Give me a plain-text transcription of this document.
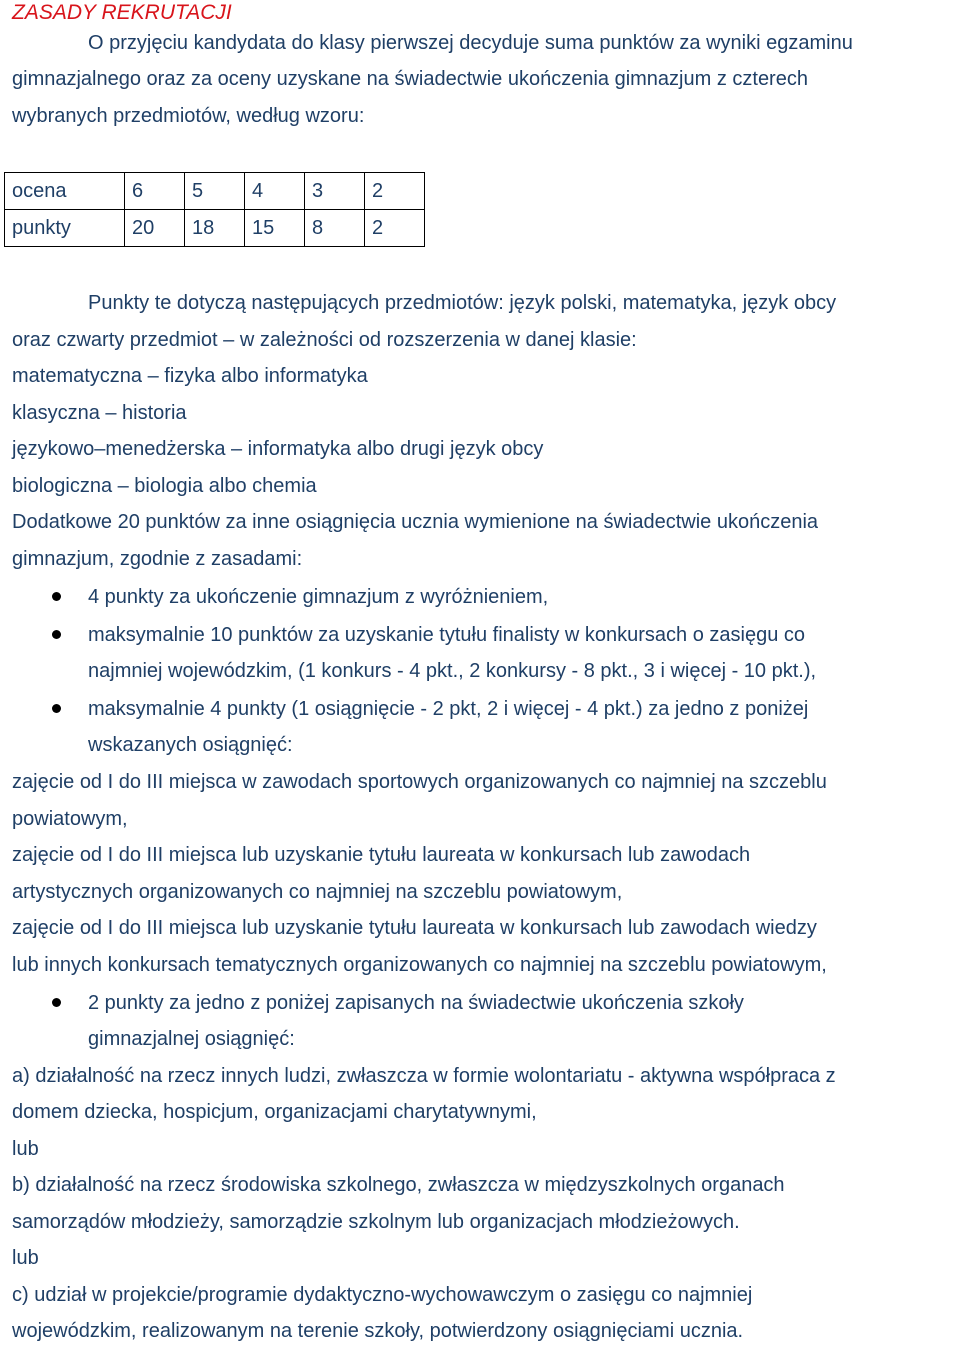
ZASADY REKRUTACJI

O przyjęciu kandydata do klasy pierwszej decyduje suma punktów za wyniki egzaminu

gimnazjalnego oraz za oceny uzyskane na świadectwie ukończenia gimnazjum z czterech

wybranych przedmiotów, według wzoru:

ocena	6	5	4	3	2
punkty	20	18	15	8	2

Punkty te dotyczą następujących przedmiotów: język polski, matematyka, język obcy

oraz czwarty przedmiot – w zależności od rozszerzenia w danej klasie:

matematyczna – fizyka albo informatyka

klasyczna – historia

językowo–menedżerska – informatyka albo drugi język obcy

biologiczna – biologia albo chemia

Dodatkowe 20 punktów za inne osiągnięcia ucznia wymienione na świadectwie ukończenia

gimnazjum, zgodnie z zasadami:

4 punkty za ukończenie gimnazjum z wyróżnieniem,

maksymalnie 10 punktów za uzyskanie tytułu finalisty w konkursach o zasięgu co

najmniej wojewódzkim, (1 konkurs - 4 pkt., 2 konkursy - 8 pkt., 3 i więcej - 10 pkt.),

maksymalnie 4 punkty (1 osiągnięcie - 2 pkt, 2 i więcej - 4 pkt.) za jedno z poniżej

wskazanych osiągnięć:

zajęcie od I do III miejsca w zawodach sportowych organizowanych co najmniej na szczeblu

powiatowym,

zajęcie od I do III miejsca lub uzyskanie tytułu laureata w konkursach lub zawodach

artystycznych organizowanych co najmniej na szczeblu powiatowym,

zajęcie od I do III miejsca lub uzyskanie tytułu laureata w konkursach lub zawodach wiedzy

lub innych konkursach tematycznych organizowanych co najmniej na szczeblu powiatowym,

2 punkty za jedno z poniżej zapisanych na świadectwie ukończenia szkoły

gimnazjalnej osiągnięć:

a) działalność na rzecz innych ludzi, zwłaszcza w formie wolontariatu - aktywna współpraca z

domem dziecka, hospicjum, organizacjami charytatywnymi,

lub

b) działalność na rzecz środowiska szkolnego, zwłaszcza w międzyszkolnych organach

samorządów młodzieży, samorządzie szkolnym lub organizacjach młodzieżowych.

lub

c) udział w projekcie/programie dydaktyczno-wychowawczym o zasięgu co najmniej

wojewódzkim, realizowanym na terenie szkoły, potwierdzony osiągnięciami ucznia.
